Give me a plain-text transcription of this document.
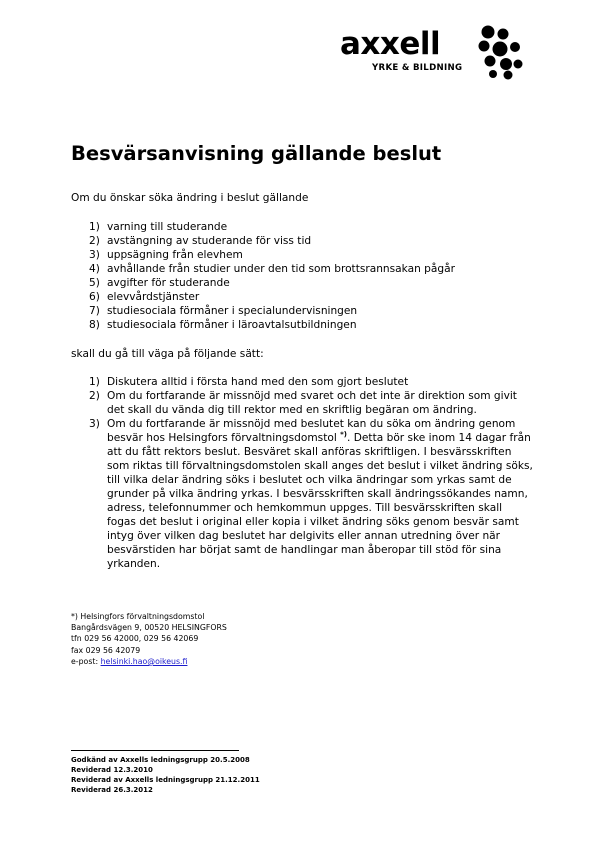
axxell
YRKE & BILDNING
Besvärsanvisning gällande beslut
Om du önskar söka ändring i beslut gällande
1) varning till studerande
2) avstängning av studerande för viss tid
3) uppsägning från elevhem
4) avhållande från studier under den tid som brottsrannsakan pågår
5) avgifter för studerande
6) elevvårdstjänster
7) studiesociala förmåner i specialundervisningen
8) studiesociala förmåner i läroavtalsutbildningen
skall du gå till väga på följande sätt:
1) Diskutera alltid i första hand med den som gjort beslutet
2) Om du fortfarande är missnöjd med svaret och det inte är direktion som givit det skall du vända dig till rektor med en skriftlig begäran om ändring.
3) Om du fortfarande är missnöjd med beslutet kan du söka om ändring genom besvär hos Helsingfors förvaltningsdomstol *). Detta bör ske inom 14 dagar från att du fått rektors beslut. Besväret skall anföras skriftligen. I besvärsskriften som riktas till förvaltningsdomstolen skall anges det beslut i vilket ändring söks, till vilka delar ändring söks i beslutet och vilka ändringar som yrkas samt de grunder på vilka ändring yrkas. I besvärsskriften skall ändringssökandes namn, adress, telefonnummer och hemkommun uppges. Till besvärsskriften skall fogas det beslut i original eller kopia i vilket ändring söks genom besvär samt intyg över vilken dag beslutet har delgivits eller annan utredning över när besvärstiden har börjat samt de handlingar man åberopar till stöd för sina yrkanden.
*) Helsingfors förvaltningsdomstol
Bangårdsvägen 9, 00520 HELSINGFORS
tfn 029 56 42000, 029 56 42069
fax 029 56 42079
e-post: helsinki.hao@oikeus.fi
Godkänd av Axxells ledningsgrupp 20.5.2008
Reviderad 12.3.2010
Reviderad av Axxells ledningsgrupp 21.12.2011
Reviderad 26.3.2012
